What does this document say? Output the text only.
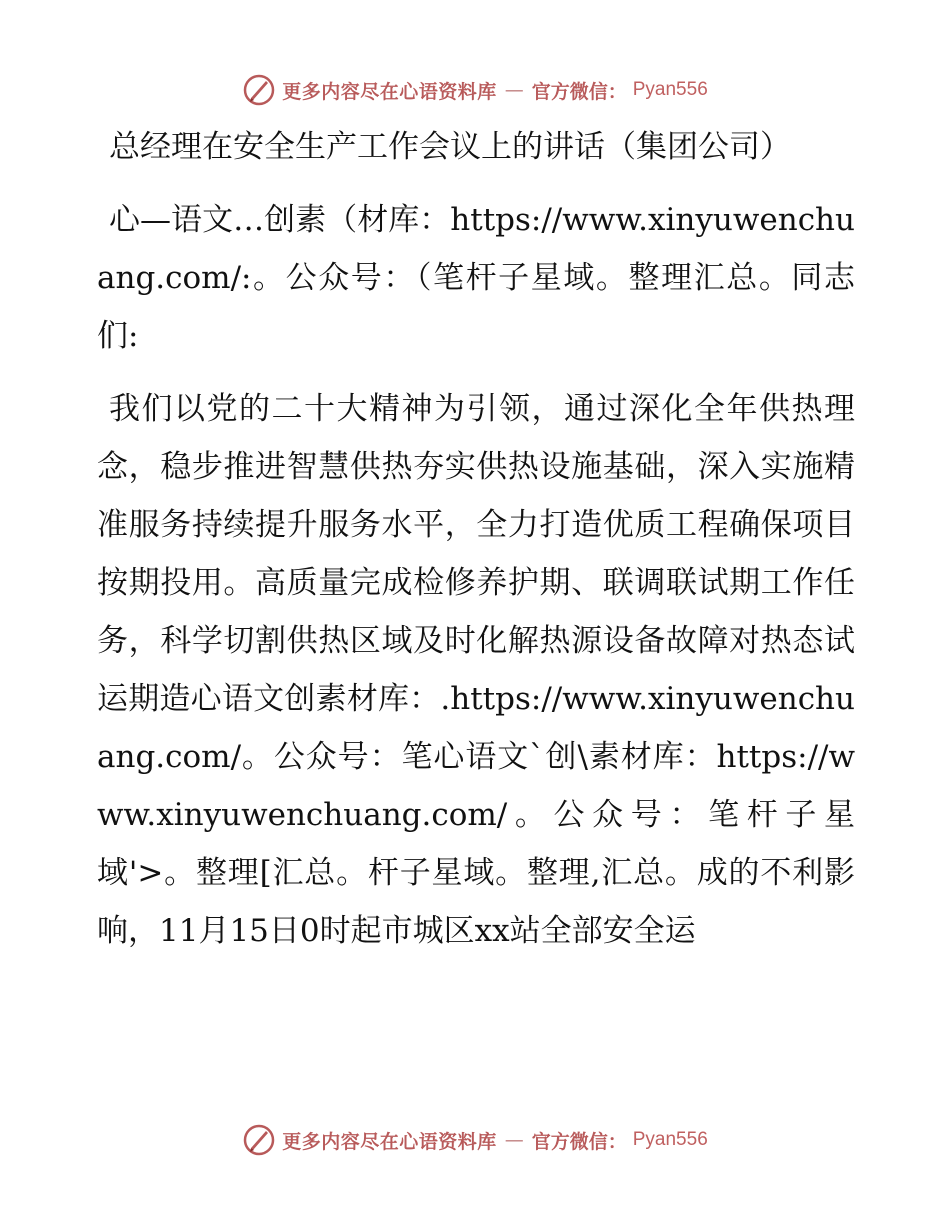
更多内容尽在心语资料库 — 官方微信： Pyan556

总经理在安全生产工作会议上的讲话（集团公司）

心—语文…创素（材库：https://www.xinyuwenchuang.com/:。公众号：（笔杆子星域。整理汇总。同志们:

我们以党的二十大精神为引领，通过深化全年供热理念，稳步推进智慧供热夯实供热设施基础，深入实施精准服务持续提升服务水平，全力打造优质工程确保项目按期投用。高质量完成检修养护期、联调联试期工作任务，科学切割供热区域及时化解热源设备故障对热态试运期造心语文创素材库：.https://www.xinyuwenchuang.com/。公众号：笔心语文`创\素材库：https://www.xinyuwenchuang.com/。公众号：笔杆子星域'>。整理[汇总。杆子星域。整理,汇总。成的不利影响，11月15日0时起市城区xx站全部安全运

更多内容尽在心语资料库 — 官方微信： Pyan556
